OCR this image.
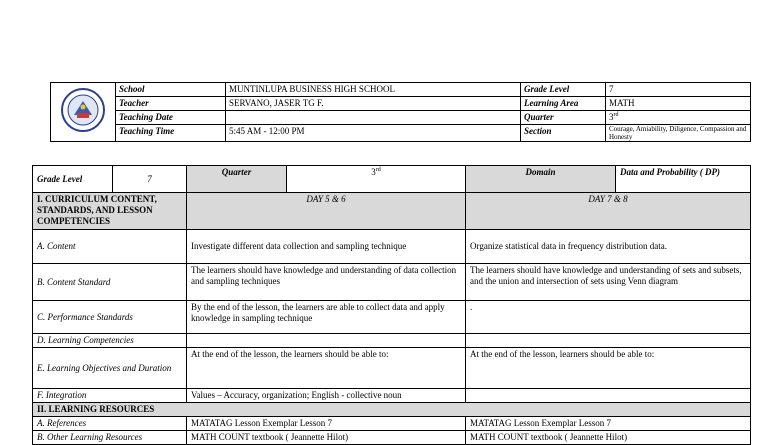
	School	MUNTINLUPA BUSINESS HIGH SCHOOL	Grade Level	7
	Teacher	SERVANO, JASER TG F.	Learning Area	MATH
	Teaching Date		Quarter	3rd
	Teaching Time	5:45 AM - 12:00 PM	Section	Courage, Amiability, Diligence, Compassion and Honesty
Grade Level	7	Quarter	3rd	Domain	Data and Probability ( DP)
I. CURRICULUM CONTENT, STANDARDS, AND LESSON COMPETENCIES		DAY 5 & 6		DAY 7 & 8	
A. Content		Investigate different data collection and sampling technique		Organize statistical data in frequency distribution data.	
B. Content Standard		The learners should have knowledge and understanding of data collection and sampling techniques		The learners should have knowledge and understanding of sets and subsets, and the union and intersection of sets using Venn diagram	
C. Performance Standards		By the end of the lesson, the learners are able to collect data and apply knowledge in sampling technique		.	
D. Learning Competencies					
E. Learning Objectives and Duration		At the end of the lesson, the learners should be able to:		At the end of the lesson, learners should be able to:	
F. Integration		Values – Accuracy, organization; English - collective noun			
II. LEARNING RESOURCES					
A. References		MATATAG Lesson Exemplar Lesson 7		MATATAG Lesson Exemplar Lesson 7	
B. Other Learning Resources		MATH COUNT textbook ( Jeannette Hilot)		MATH COUNT textbook ( Jeannette Hilot)	
